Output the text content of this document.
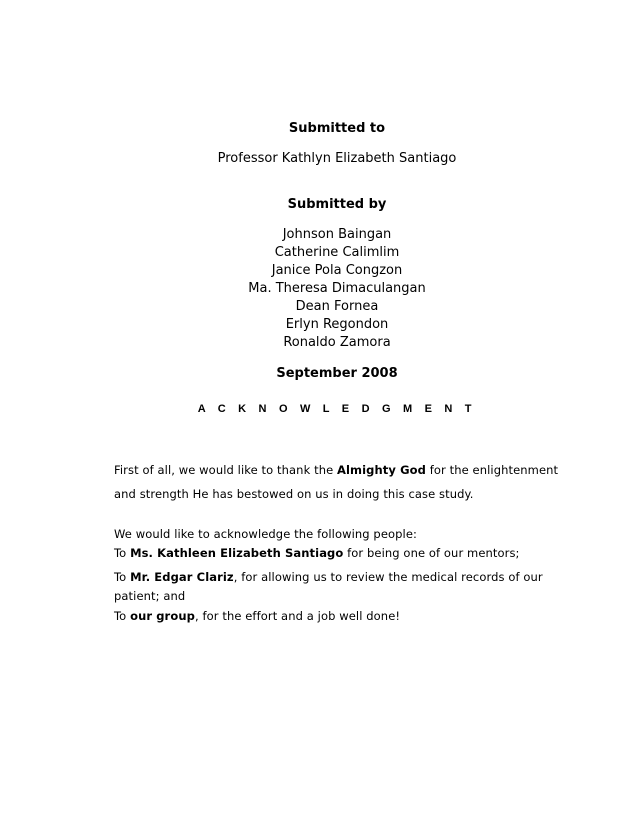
Submitted to
Professor Kathlyn Elizabeth Santiago
Submitted by
Johnson Baingan
Catherine Calimlim
Janice Pola Congzon
Ma. Theresa Dimaculangan
Dean Fornea
Erlyn Regondon
Ronaldo Zamora
September 2008
A C K N O W L E D G M E N T
First of all, we would like to thank the Almighty God for the enlightenment
and strength He has bestowed on us in doing this case study.
We would like to acknowledge the following people:
To Ms. Kathleen Elizabeth Santiago for being one of our mentors;
To Mr. Edgar Clariz, for allowing us to review the medical records of our
patient; and
To our group, for the effort and a job well done!
